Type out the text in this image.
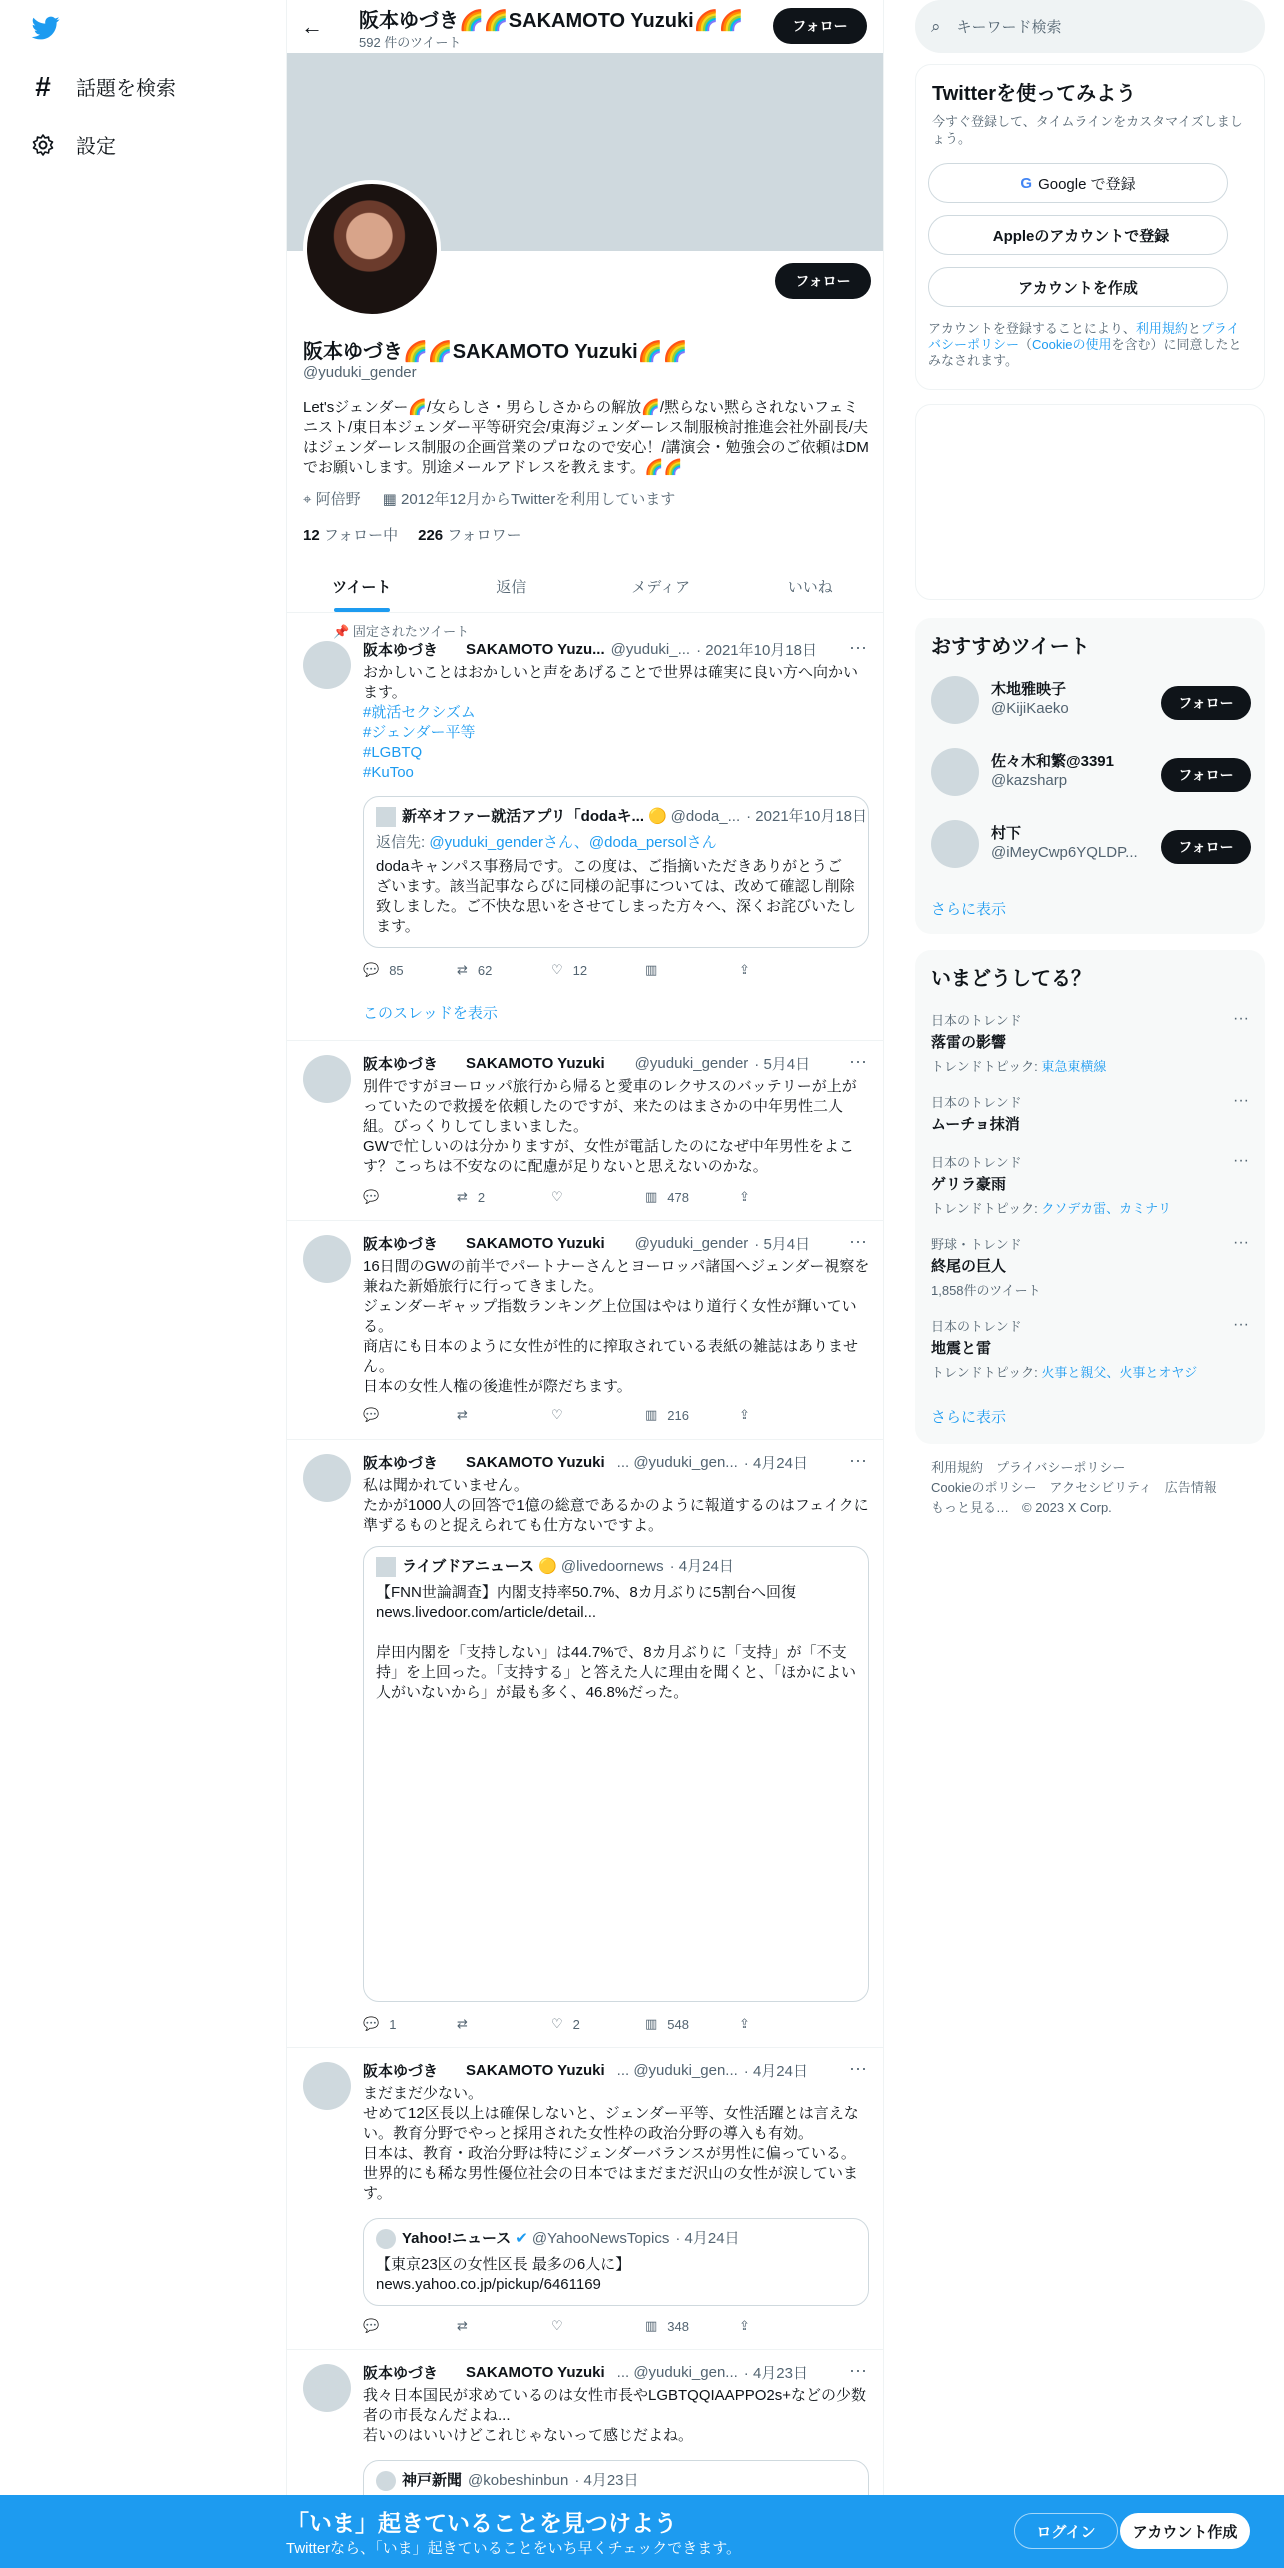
# 話題を検索
設定
← 阪本ゆづき🌈🌈SAKAMOTO Yuzuki🌈🌈
592 件のツイート
フォロー
フォロー
阪本ゆづき🌈🌈SAKAMOTO Yuzuki🌈🌈
@yuduki_gender
Let'sジェンダー🌈/女らしさ・男らしさからの解放🌈/黙らない黙らされないフェミニスト/東日本ジェンダー平等研究会/東海ジェンダーレス制服検討推進会社外副長/夫はジェンダーレス制服の企画営業のプロなので安心！/講演会・勉強会のご依頼はDMでお願いします。別途メールアドレスを教えます。🌈🌈
⌖ 阿倍野 ▦ 2012年12月からTwitterを利用しています
12 フォロー中 226 フォロワー
ツイート	返信	メディア	いいね
📌 固定されたツイート
阪本ゆづき SAKAMOTO Yuzu... @yuduki_... · 2021年10月18日 ···
おかしいことはおかしいと声をあげることで世界は確実に良い方へ向かいます。
#就活セクシズム
#ジェンダー平等
#LGBTQ
#KuToo
新卒オファー就活アプリ「dodaキ... 🟡 @doda_... · 2021年10月18日
返信先: @yuduki_genderさん、@doda_persolさん
dodaキャンパス事務局です。この度は、ご指摘いただきありがとうございます。該当記事ならびに同様の記事については、改めて確認し削除致しました。ご不快な思いをさせてしまった方々へ、深くお詫びいたします。
💬 85	⇄ 62	♡ 12	▥	⇪
このスレッドを表示
阪本ゆづき SAKAMOTO Yuzuki @yuduki_gender · 5月4日 ···
別件ですがヨーロッパ旅行から帰ると愛車のレクサスのバッテリーが上がっていたので救援を依頼したのですが、来たのはまさかの中年男性二人組。びっくりしてしまいました。
GWで忙しいのは分かりますが、女性が電話したのになぜ中年男性をよこす？こっちは不安なのに配慮が足りないと思えないのかな。
💬	⇄ 2	♡	▥ 478	⇪
阪本ゆづき SAKAMOTO Yuzuki @yuduki_gender · 5月4日 ···
16日間のGWの前半でパートナーさんとヨーロッパ諸国へジェンダー視察を兼ねた新婚旅行に行ってきました。
ジェンダーギャップ指数ランキング上位国はやはり道行く女性が輝いている。
商店にも日本のように女性が性的に搾取されている表紙の雑誌はありません。
日本の女性人権の後進性が際だちます。
💬	⇄	♡	▥ 216	⇪
阪本ゆづき SAKAMOTO Yuzuki ... @yuduki_gen... · 4月24日 ···
私は聞かれていません。
たかが1000人の回答で1億の総意であるかのように報道するのはフェイクに準ずるものと捉えられても仕方ないですよ。
ライブドアニュース 🟡 @livedoornews · 4月24日
【FNN世論調査】内閣支持率50.7%、8カ月ぶりに5割台へ回復
news.livedoor.com/article/detail...

岸田内閣を「支持しない」は44.7%で、8カ月ぶりに「支持」が「不支持」を上回った。「支持する」と答えた人に理由を聞くと、「ほかによい人がいないから」が最も多く、46.8%だった。
💬 1	⇄	♡ 2	▥ 548	⇪
阪本ゆづき SAKAMOTO Yuzuki ... @yuduki_gen... · 4月24日 ···
まだまだ少ない。
せめて12区長以上は確保しないと、ジェンダー平等、女性活躍とは言えない。教育分野でやっと採用された女性枠の政治分野の導入も有効。
日本は、教育・政治分野は特にジェンダーバランスが男性に偏っている。
世界的にも稀な男性優位社会の日本ではまだまだ沢山の女性が涙しています。
Yahoo!ニュース ✔ @YahooNewsTopics · 4月24日
【東京23区の女性区長 最多の6人に】
news.yahoo.co.jp/pickup/6461169
💬	⇄	♡	▥ 348	⇪
阪本ゆづき SAKAMOTO Yuzuki ... @yuduki_gen... · 4月23日 ···
我々日本国民が求めているのは女性市長やLGBTQQIAAPPO2s+などの少数者の市長なんだよね...
若いのはいいけどこれじゃないって感じだよね。
神戸新聞 @kobeshinbun · 4月23日
⌕ キーワード検索
Twitterを使ってみよう
今すぐ登録して、タイムラインをカスタマイズしましょう。
G Google で登録
Appleのアカウントで登録
アカウントを作成
アカウントを登録することにより、利用規約とプライバシーポリシー（Cookieの使用を含む）に同意したとみなされます。
おすすめツイート
木地雅映子
@KijiKaeko	フォロー
佐々木和繁@3391
@kazsharp	フォロー
村下
@iMeyCwp6YQLDP...	フォロー
さらに表示
いまどうしてる？
日本のトレンド
落雷の影響
トレンドトピック: 東急東横線
···
日本のトレンド
ムーチョ抹消
···
日本のトレンド
ゲリラ豪雨
トレンドトピック: クソデカ雷、カミナリ
···
野球・トレンド
終尾の巨人
1,858件のツイート
···
日本のトレンド
地震と雷
トレンドトピック: 火事と親父、火事とオヤジ
···
さらに表示
利用規約　プライバシーポリシー
Cookieのポリシー　アクセシビリティ　広告情報
もっと見る…　© 2023 X Corp.
「いま」起きていることを見つけよう
Twitterなら、「いま」起きていることをいち早くチェックできます。
ログイン	アカウント作成
